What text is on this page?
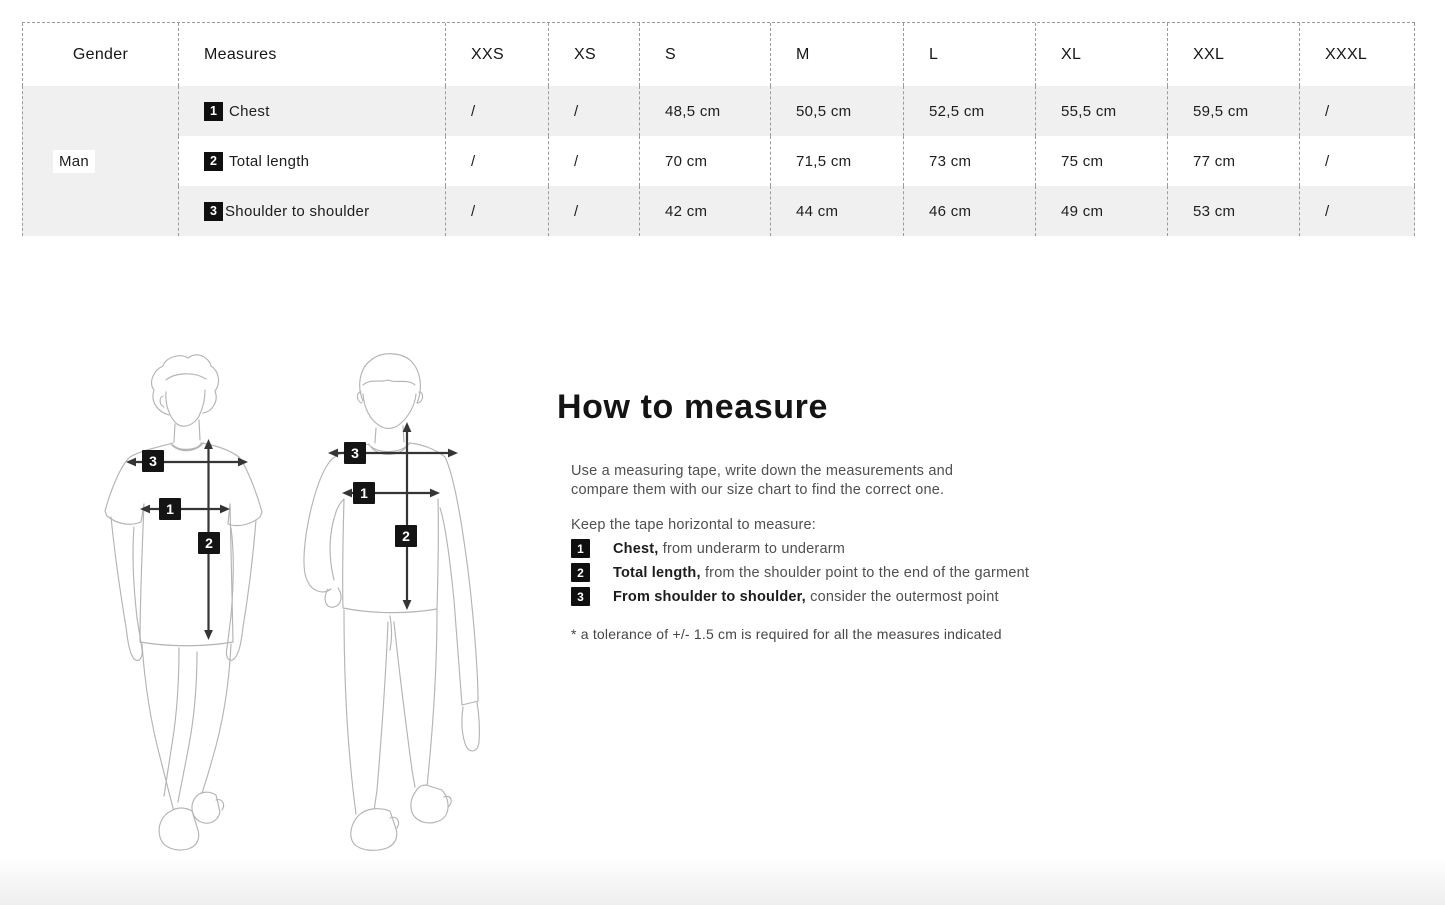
Gender	Measures	XXS	XS	S	M	L	XL	XXL	XXXL
Man
1 Chest	/	/	48,5 cm	50,5 cm	52,5 cm	55,5 cm	59,5 cm	/
2 Total length	/	/	70 cm	71,5 cm	73 cm	75 cm	77 cm	/
3 Shoulder to shoulder	/	/	42 cm	44 cm	46 cm	49 cm	53 cm	/
3
1
2
3
1
2
How to measure

Use a measuring tape, write down the measurements and compare them with our size chart to find the correct one.

Keep the tape horizontal to measure:

1	Chest, from underarm to underarm
2	Total length, from the shoulder point to the end of the garment
3	From shoulder to shoulder, consider the outermost point

* a tolerance of +/- 1.5 cm is required for all the measures indicated
